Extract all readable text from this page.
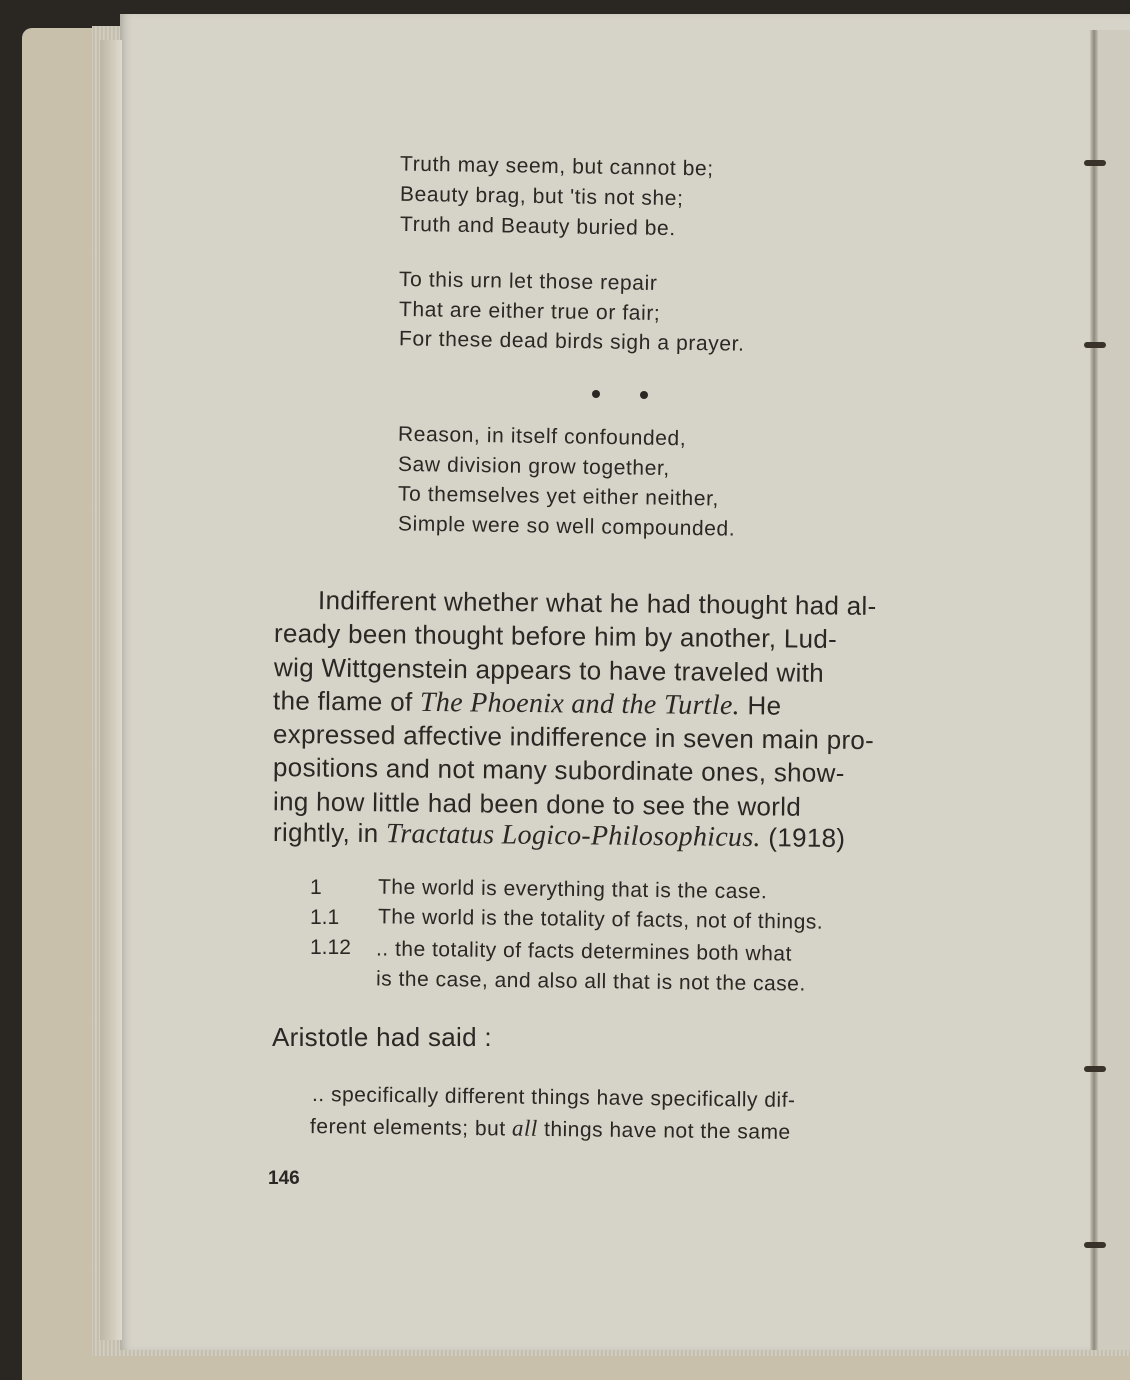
Truth may seem, but cannot be;
Beauty brag, but 'tis not she;
Truth and Beauty buried be.
To this urn let those repair
That are either true or fair;
For these dead birds sigh a prayer.
Reason, in itself confounded,
Saw division grow together,
To themselves yet either neither,
Simple were so well compounded.
Indifferent whether what he had thought had al-
ready been thought before him by another, Lud-
wig Wittgenstein appears to have traveled with
the flame of The Phoenix and the Turtle. He
expressed affective indifference in seven main pro-
positions and not many subordinate ones, show-
ing how little had been done to see the world
rightly, in Tractatus Logico-Philosophicus. (1918)
1	The world is everything that is the case.
1.1 The world is the totality of facts, not of things.
1.12 .. the totality of facts determines both what
is the case, and also all that is not the case.
Aristotle had said :
.. specifically different things have specifically dif-
ferent elements; but all things have not the same
146
